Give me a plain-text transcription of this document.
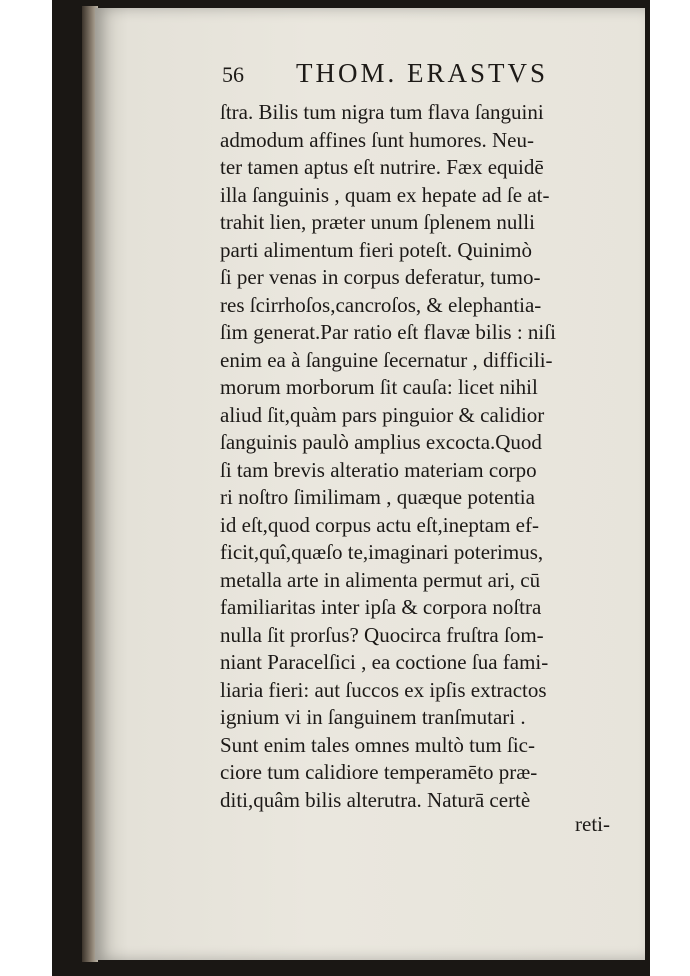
56 THOM. ERASTVS
ſtra. Bilis tum nigra tum flava ſanguini
admodum affines ſunt humores. Neu-
ter tamen aptus eſt nutrire. Fæx equidē
illa ſanguinis , quam ex hepate ad ſe at-
trahit lien, præter unum ſplenem nulli
parti alimentum fieri poteſt. Quinimò
ſi per venas in corpus deferatur, tumo-
res ſcirrhoſos,cancroſos, & elephantia-
ſim generat.Par ratio eſt flavæ bilis : niſi
enim ea à ſanguine ſecernatur , difficili-
morum morborum ſit cauſa: licet nihil
aliud ſit,quàm pars pinguior & calidior
ſanguinis paulò amplius excocta.Quod
ſi tam brevis alteratio materiam corpo
ri noſtro ſimilimam , quæque potentia
id eſt,quod corpus actu eſt,ineptam ef-
ficit,quî,quæſo te,imaginari poterimus,
metalla arte in alimenta permut ari, cū
familiaritas inter ipſa & corpora noſtra
nulla ſit prorſus? Quocirca fruſtra ſom-
niant Paracelſici , ea coctione ſua fami-
liaria fieri: aut ſuccos ex ipſis extractos
ignium vi in ſanguinem tranſmutari .
Sunt enim tales omnes multò tum ſic-
ciore tum calidiore temperamēto præ-
diti,quâm bilis alterutra. Naturā certè
reti-
